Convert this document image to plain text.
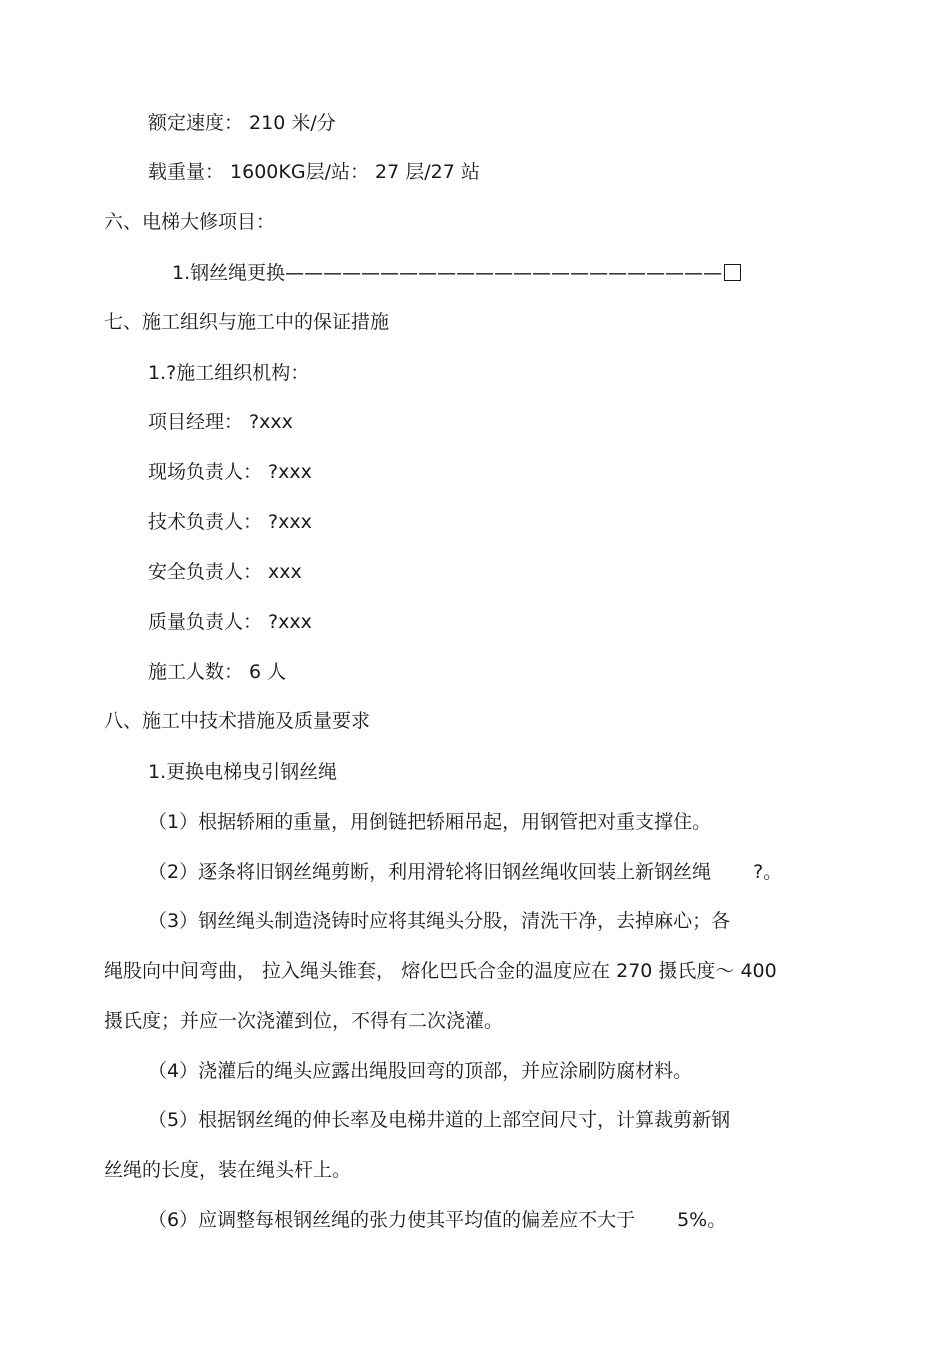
额定速度： 210 米/分
载重量： 1600KG层/站： 27 层/27 站
六、电梯大修项目：
1.钢丝绳更换———————————————————————
七、施工组织与施工中的保证措施
1.?施工组织机构：
项目经理： ?xxx
现场负责人： ?xxx
技术负责人： ?xxx
安全负责人： xxx
质量负责人： ?xxx
施工人数： 6 人
八、施工中技术措施及质量要求
1.更换电梯曳引钢丝绳
（1）根据轿厢的重量，用倒链把轿厢吊起，用钢管把对重支撑住。
（2）逐条将旧钢丝绳剪断，利用滑轮将旧钢丝绳收回装上新钢丝绳 ?。
（3）钢丝绳头制造浇铸时应将其绳头分股，清洗干净，去掉麻心；各
绳股向中间弯曲， 拉入绳头锥套， 熔化巴氏合金的温度应在 270 摄氏度～ 400
摄氏度；并应一次浇灌到位，不得有二次浇灌。
（4）浇灌后的绳头应露出绳股回弯的顶部，并应涂刷防腐材料。
（5）根据钢丝绳的伸长率及电梯井道的上部空间尺寸，计算裁剪新钢
丝绳的长度，装在绳头杆上。
（6）应调整每根钢丝绳的张力使其平均值的偏差应不大于 5%。
